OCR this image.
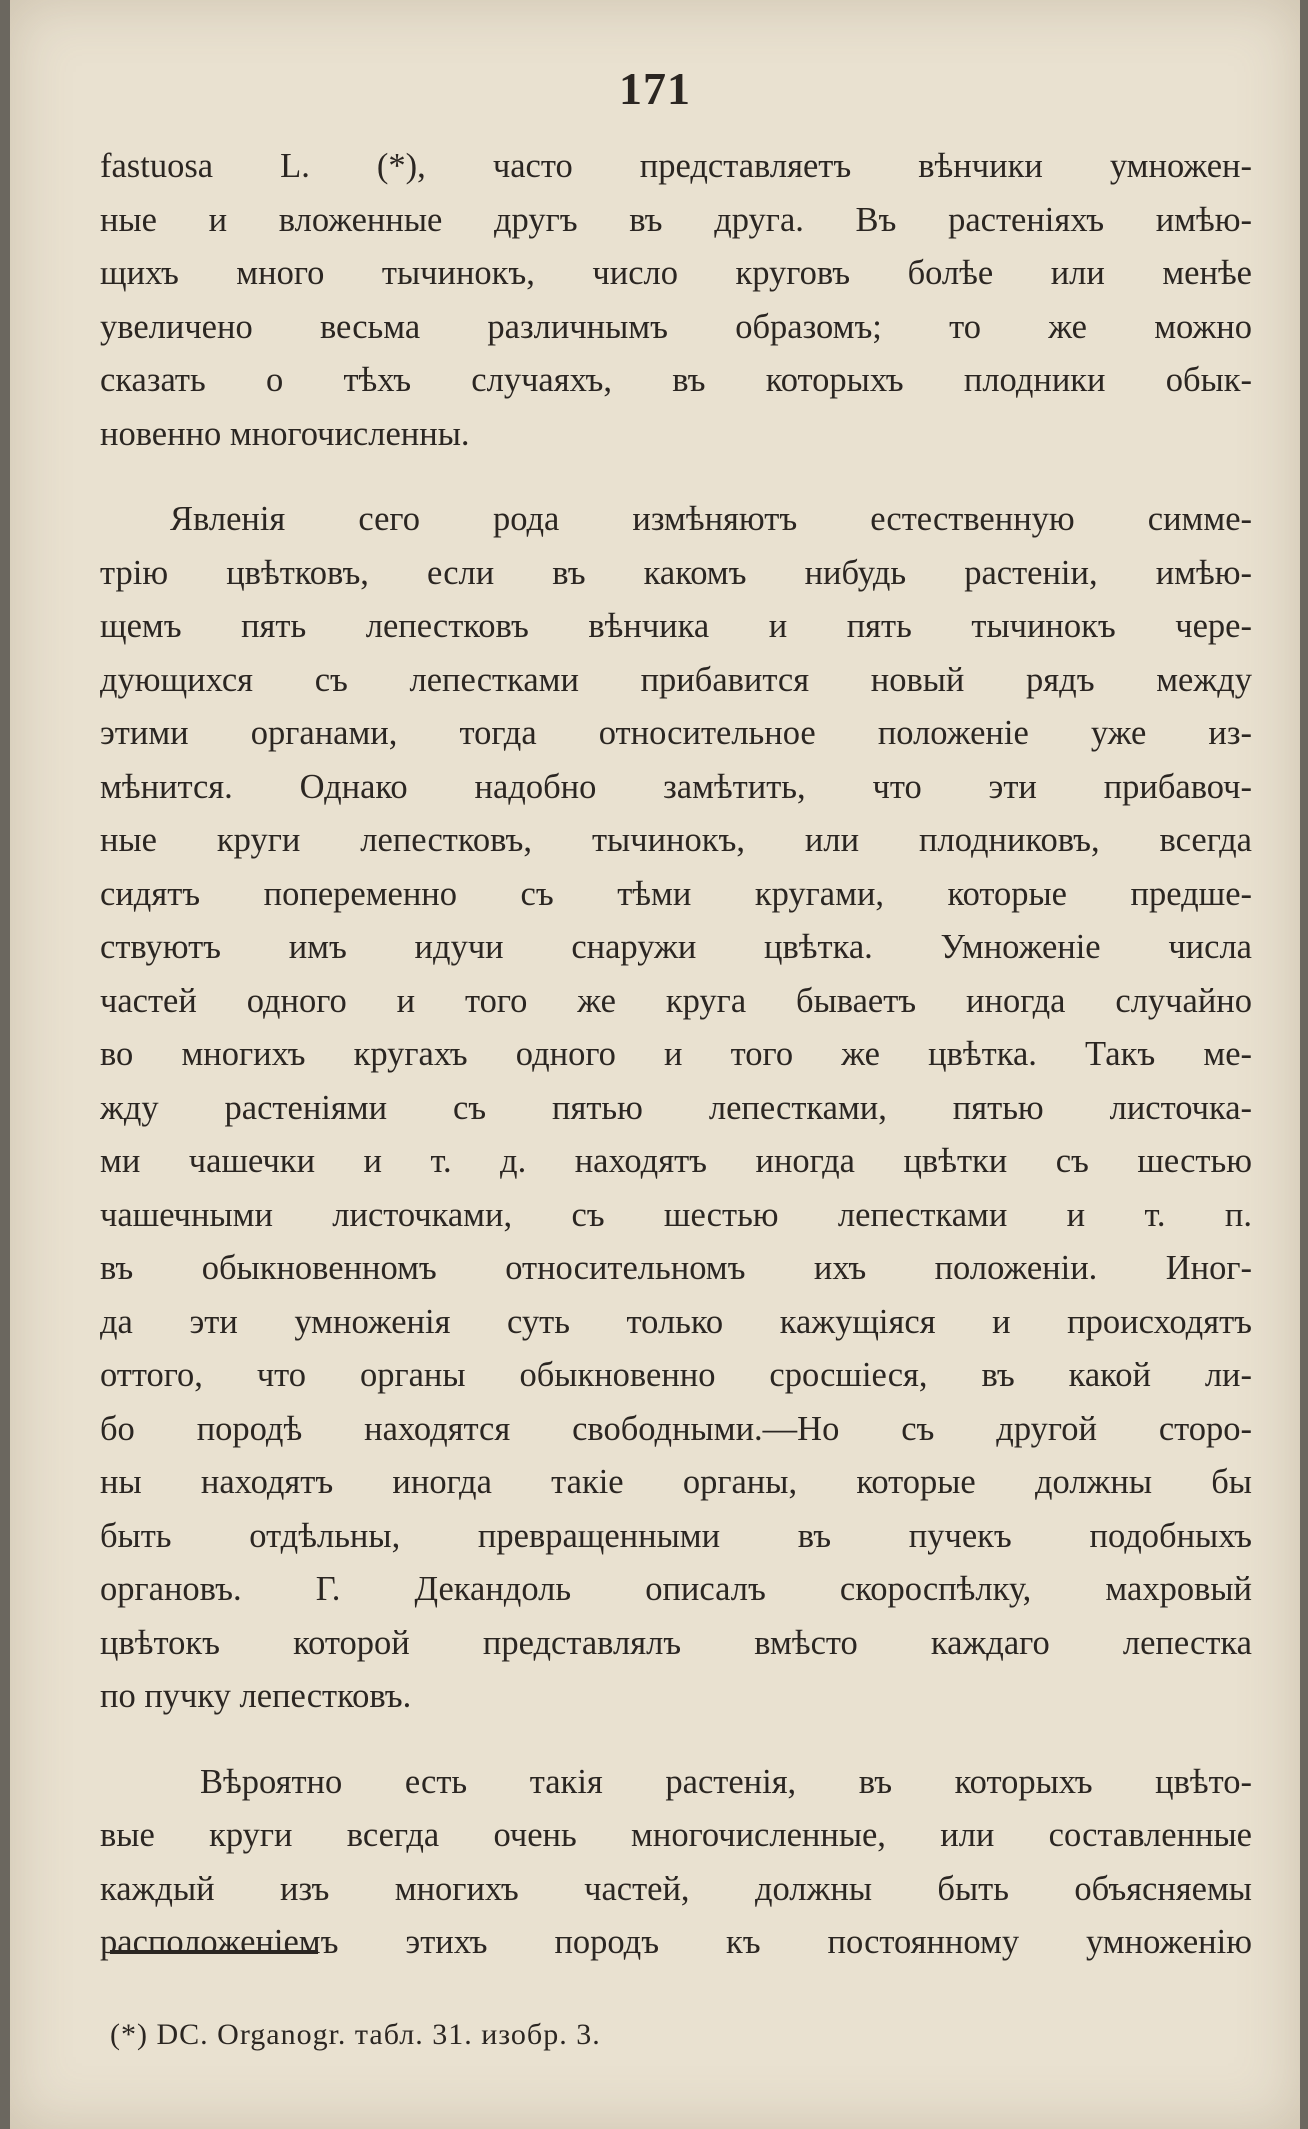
171
fastuosa L. (*), часто представляетъ вѣнчики умножен-
ные и вложенные другъ въ друга. Въ растеніяхъ имѣю-
щихъ много тычинокъ, число круговъ болѣе или менѣе
увеличено весьма различнымъ образомъ; то же можно
сказать о тѣхъ случаяхъ, въ которыхъ плодники обык-
новенно многочисленны.
Явленія сего рода измѣняютъ естественную симме-
трію цвѣтковъ, если въ какомъ нибудь растеніи, имѣю-
щемъ пять лепестковъ вѣнчика и пять тычинокъ чере-
дующихся съ лепестками прибавится новый рядъ между
этими органами, тогда относительное положеніе уже из-
мѣнится. Однако надобно замѣтить, что эти прибавоч-
ные круги лепестковъ, тычинокъ, или плодниковъ, всегда
сидятъ попеременно съ тѣми кругами, которые предше-
ствуютъ имъ идучи снаружи цвѣтка. Умноженіе числа
частей одного и того же круга бываетъ иногда случайно
во многихъ кругахъ одного и того же цвѣтка. Такъ ме-
жду растеніями съ пятью лепестками, пятью листочка-
ми чашечки и т. д. находятъ иногда цвѣтки съ шестью
чашечными листочками, съ шестью лепестками и т. п.
въ обыкновенномъ относительномъ ихъ положеніи. Иног-
да эти умноженія суть только кажущіяся и происходятъ
оттого, что органы обыкновенно сросшіеся, въ какой ли-
бо породѣ находятся свободными.—Но съ другой сторо-
ны находятъ иногда такіе органы, которые должны бы
быть отдѣльны, превращенными въ пучекъ подобныхъ
органовъ. Г. Декандоль описалъ скороспѣлку, махровый
цвѣтокъ которой представлялъ вмѣсто каждаго лепестка
по пучку лепестковъ.
Вѣроятно есть такія растенія, въ которыхъ цвѣто-
вые круги всегда очень многочисленные, или составленные
каждый изъ многихъ частей, должны быть объясняемы
расположеніемъ этихъ породъ къ постоянному умноженію
(*) DC. Organogr. табл. 31. изобр. 3.
